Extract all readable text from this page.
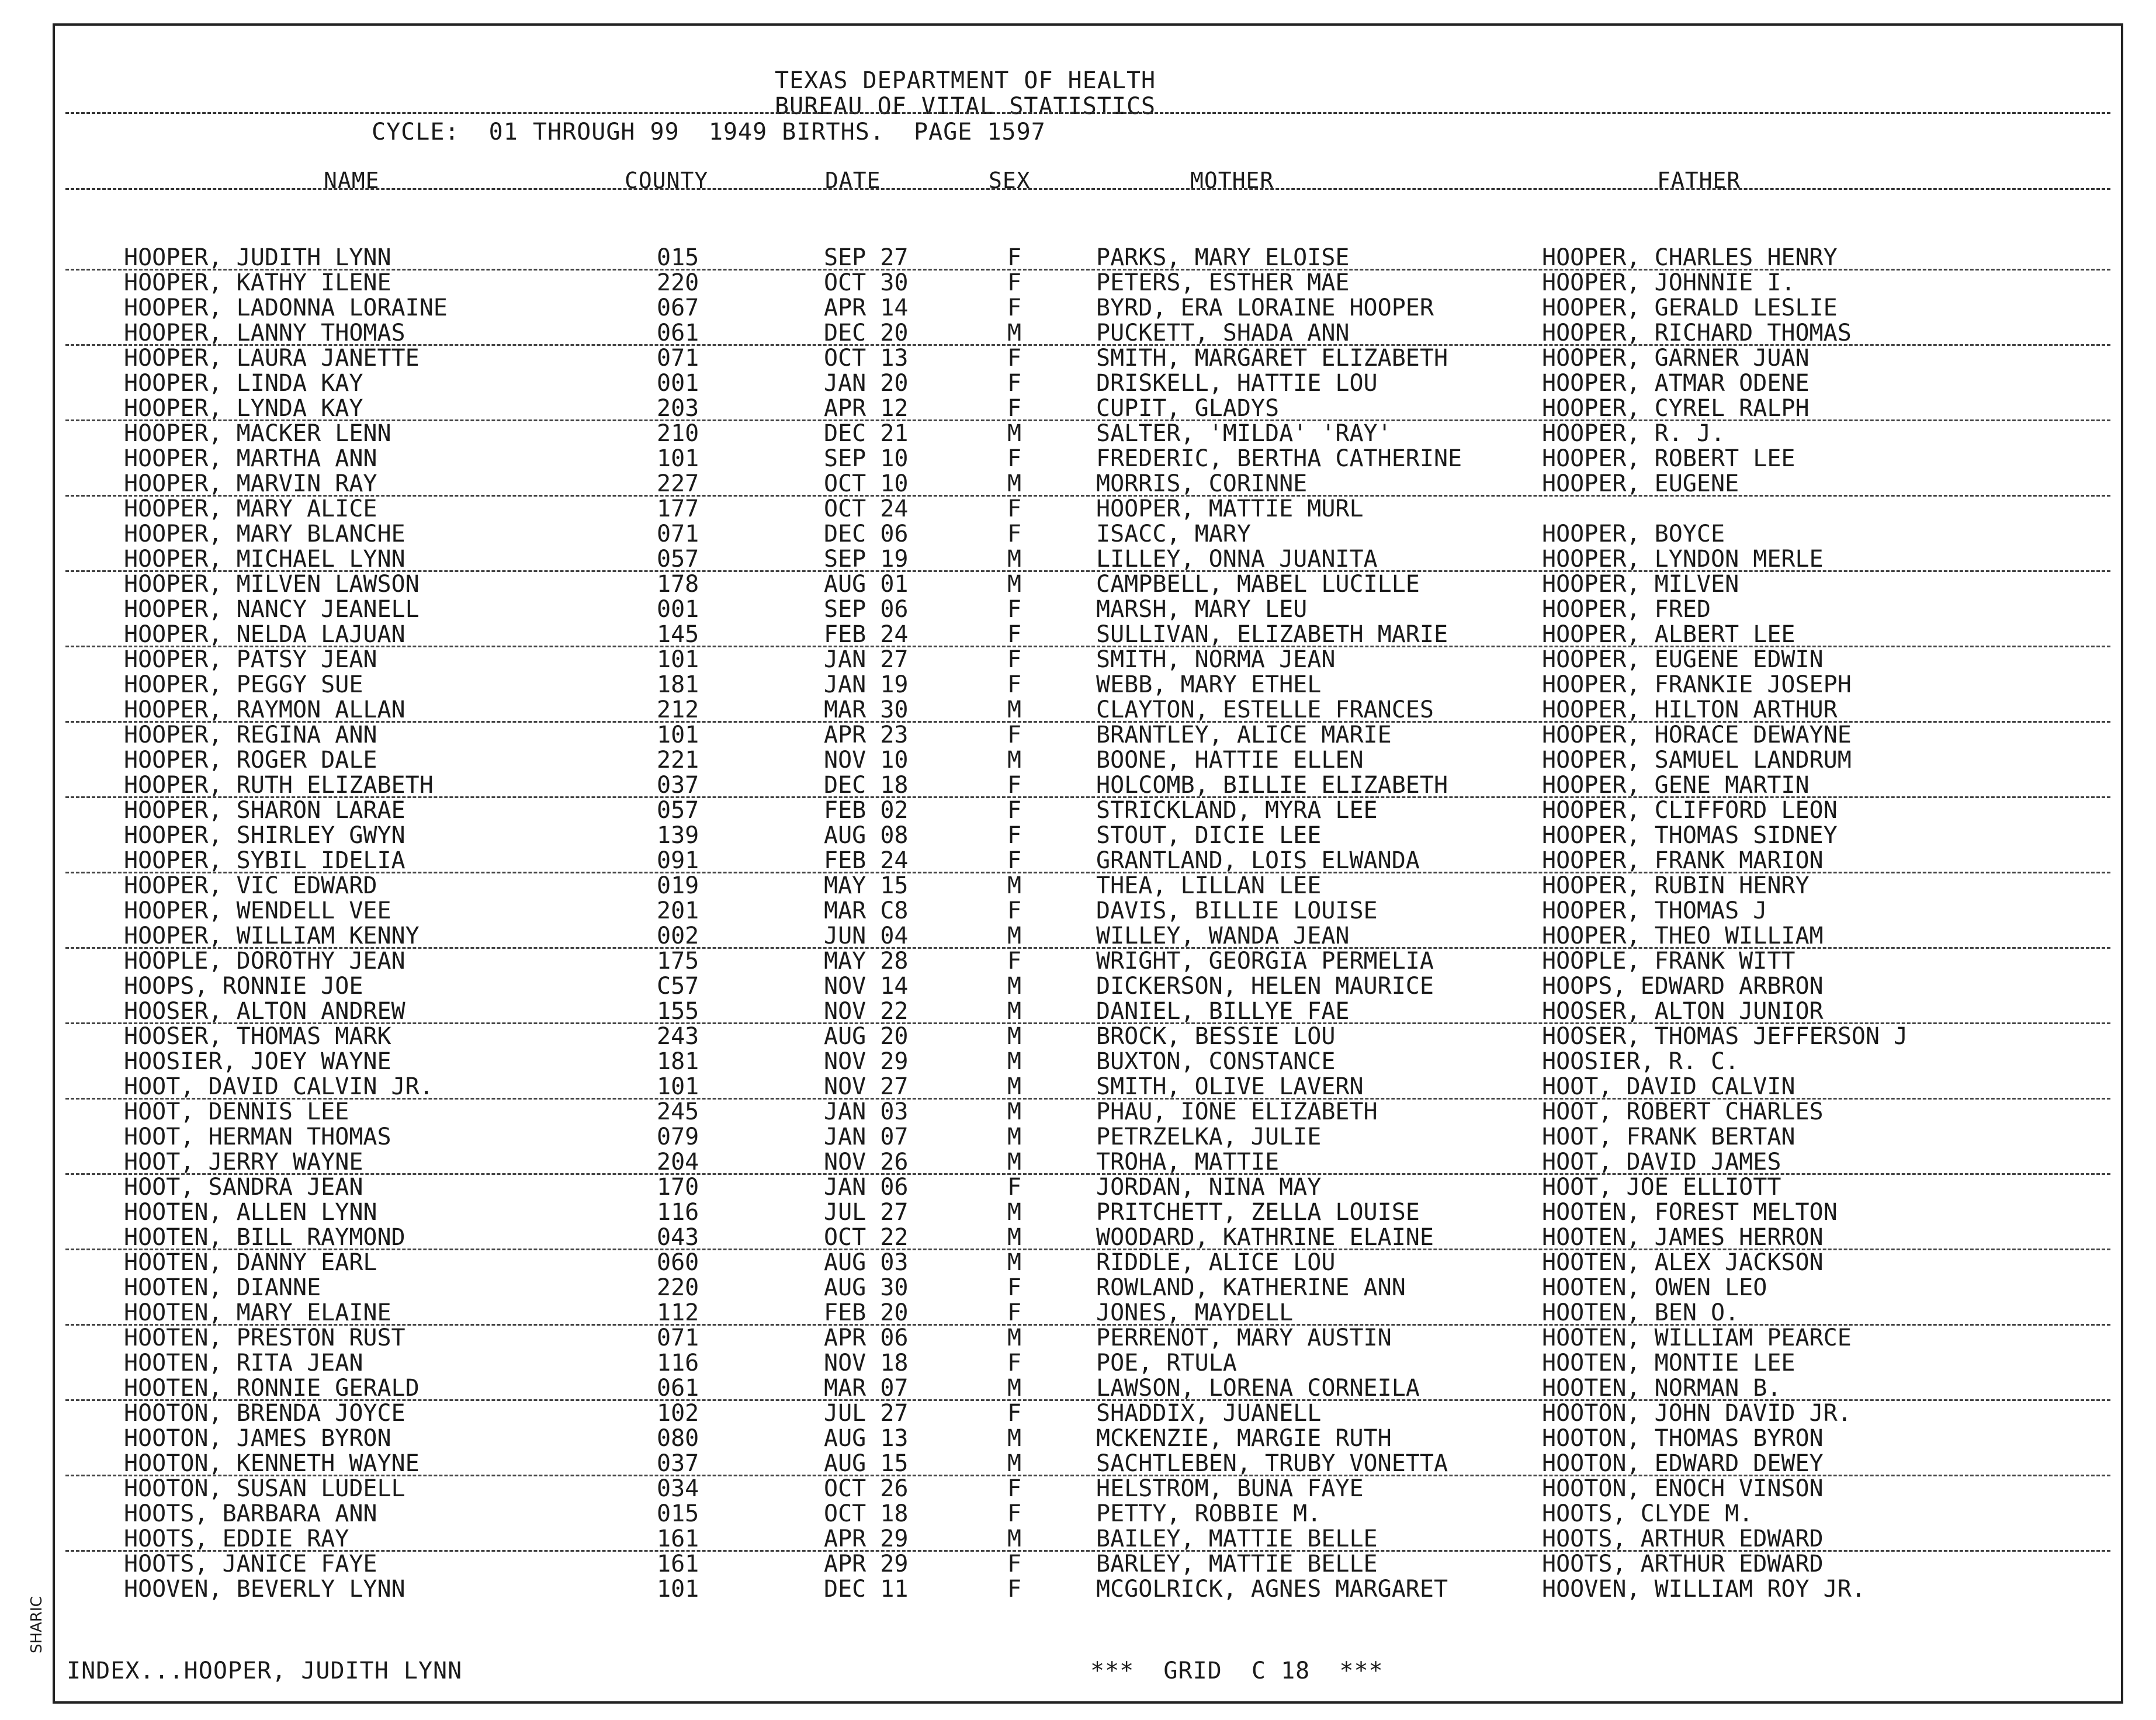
TEXAS DEPARTMENT OF HEALTH
BUREAU OF VITAL STATISTICS
CYCLE:  01 THROUGH 99  1949 BIRTHS.  PAGE 1597
NAME	COUNTY	DATE	SEX	MOTHER	FATHER
HOOPER, JUDITH LYNN	015	SEP 27	F	PARKS, MARY ELOISE	HOOPER, CHARLES HENRY
HOOPER, KATHY ILENE	220	OCT 30	F	PETERS, ESTHER MAE	HOOPER, JOHNNIE I.
HOOPER, LADONNA LORAINE	067	APR 14	F	BYRD, ERA LORAINE HOOPER	HOOPER, GERALD LESLIE
HOOPER, LANNY THOMAS	061	DEC 20	M	PUCKETT, SHADA ANN	HOOPER, RICHARD THOMAS
HOOPER, LAURA JANETTE	071	OCT 13	F	SMITH, MARGARET ELIZABETH	HOOPER, GARNER JUAN
HOOPER, LINDA KAY	001	JAN 20	F	DRISKELL, HATTIE LOU	HOOPER, ATMAR ODENE
HOOPER, LYNDA KAY	203	APR 12	F	CUPIT, GLADYS	HOOPER, CYREL RALPH
HOOPER, MACKER LENN	210	DEC 21	M	SALTER, 'MILDA' 'RAY'	HOOPER, R. J.
HOOPER, MARTHA ANN	101	SEP 10	F	FREDERIC, BERTHA CATHERINE	HOOPER, ROBERT LEE
HOOPER, MARVIN RAY	227	OCT 10	M	MORRIS, CORINNE	HOOPER, EUGENE
HOOPER, MARY ALICE	177	OCT 24	F	HOOPER, MATTIE MURL
HOOPER, MARY BLANCHE	071	DEC 06	F	ISACC, MARY	HOOPER, BOYCE
HOOPER, MICHAEL LYNN	057	SEP 19	M	LILLEY, ONNA JUANITA	HOOPER, LYNDON MERLE
HOOPER, MILVEN LAWSON	178	AUG 01	M	CAMPBELL, MABEL LUCILLE	HOOPER, MILVEN
HOOPER, NANCY JEANELL	001	SEP 06	F	MARSH, MARY LEU	HOOPER, FRED
HOOPER, NELDA LAJUAN	145	FEB 24	F	SULLIVAN, ELIZABETH MARIE	HOOPER, ALBERT LEE
HOOPER, PATSY JEAN	101	JAN 27	F	SMITH, NORMA JEAN	HOOPER, EUGENE EDWIN
HOOPER, PEGGY SUE	181	JAN 19	F	WEBB, MARY ETHEL	HOOPER, FRANKIE JOSEPH
HOOPER, RAYMON ALLAN	212	MAR 30	M	CLAYTON, ESTELLE FRANCES	HOOPER, HILTON ARTHUR
HOOPER, REGINA ANN	101	APR 23	F	BRANTLEY, ALICE MARIE	HOOPER, HORACE DEWAYNE
HOOPER, ROGER DALE	221	NOV 10	M	BOONE, HATTIE ELLEN	HOOPER, SAMUEL LANDRUM
HOOPER, RUTH ELIZABETH	037	DEC 18	F	HOLCOMB, BILLIE ELIZABETH	HOOPER, GENE MARTIN
HOOPER, SHARON LARAE	057	FEB 02	F	STRICKLAND, MYRA LEE	HOOPER, CLIFFORD LEON
HOOPER, SHIRLEY GWYN	139	AUG 08	F	STOUT, DICIE LEE	HOOPER, THOMAS SIDNEY
HOOPER, SYBIL IDELIA	091	FEB 24	F	GRANTLAND, LOIS ELWANDA	HOOPER, FRANK MARION
HOOPER, VIC EDWARD	019	MAY 15	M	THEA, LILLAN LEE	HOOPER, RUBIN HENRY
HOOPER, WENDELL VEE	201	MAR C8	F	DAVIS, BILLIE LOUISE	HOOPER, THOMAS J
HOOPER, WILLIAM KENNY	002	JUN 04	M	WILLEY, WANDA JEAN	HOOPER, THEO WILLIAM
HOOPLE, DOROTHY JEAN	175	MAY 28	F	WRIGHT, GEORGIA PERMELIA	HOOPLE, FRANK WITT
HOOPS, RONNIE JOE	C57	NOV 14	M	DICKERSON, HELEN MAURICE	HOOPS, EDWARD ARBRON
HOOSER, ALTON ANDREW	155	NOV 22	M	DANIEL, BILLYE FAE	HOOSER, ALTON JUNIOR
HOOSER, THOMAS MARK	243	AUG 20	M	BROCK, BESSIE LOU	HOOSER, THOMAS JEFFERSON J
HOOSIER, JOEY WAYNE	181	NOV 29	M	BUXTON, CONSTANCE	HOOSIER, R. C.
HOOT, DAVID CALVIN JR.	101	NOV 27	M	SMITH, OLIVE LAVERN	HOOT, DAVID CALVIN
HOOT, DENNIS LEE	245	JAN 03	M	PHAU, IONE ELIZABETH	HOOT, ROBERT CHARLES
HOOT, HERMAN THOMAS	079	JAN 07	M	PETRZELKA, JULIE	HOOT, FRANK BERTAN
HOOT, JERRY WAYNE	204	NOV 26	M	TROHA, MATTIE	HOOT, DAVID JAMES
HOOT, SANDRA JEAN	170	JAN 06	F	JORDAN, NINA MAY	HOOT, JOE ELLIOTT
HOOTEN, ALLEN LYNN	116	JUL 27	M	PRITCHETT, ZELLA LOUISE	HOOTEN, FOREST MELTON
HOOTEN, BILL RAYMOND	043	OCT 22	M	WOODARD, KATHRINE ELAINE	HOOTEN, JAMES HERRON
HOOTEN, DANNY EARL	060	AUG 03	M	RIDDLE, ALICE LOU	HOOTEN, ALEX JACKSON
HOOTEN, DIANNE	220	AUG 30	F	ROWLAND, KATHERINE ANN	HOOTEN, OWEN LEO
HOOTEN, MARY ELAINE	112	FEB 20	F	JONES, MAYDELL	HOOTEN, BEN O.
HOOTEN, PRESTON RUST	071	APR 06	M	PERRENOT, MARY AUSTIN	HOOTEN, WILLIAM PEARCE
HOOTEN, RITA JEAN	116	NOV 18	F	POE, RTULA	HOOTEN, MONTIE LEE
HOOTEN, RONNIE GERALD	061	MAR 07	M	LAWSON, LORENA CORNEILA	HOOTEN, NORMAN B.
HOOTON, BRENDA JOYCE	102	JUL 27	F	SHADDIX, JUANELL	HOOTON, JOHN DAVID JR.
HOOTON, JAMES BYRON	080	AUG 13	M	MCKENZIE, MARGIE RUTH	HOOTON, THOMAS BYRON
HOOTON, KENNETH WAYNE	037	AUG 15	M	SACHTLEBEN, TRUBY VONETTA	HOOTON, EDWARD DEWEY
HOOTON, SUSAN LUDELL	034	OCT 26	F	HELSTROM, BUNA FAYE	HOOTON, ENOCH VINSON
HOOTS, BARBARA ANN	015	OCT 18	F	PETTY, ROBBIE M.	HOOTS, CLYDE M.
HOOTS, EDDIE RAY	161	APR 29	M	BAILEY, MATTIE BELLE	HOOTS, ARTHUR EDWARD
HOOTS, JANICE FAYE	161	APR 29	F	BARLEY, MATTIE BELLE	HOOTS, ARTHUR EDWARD
HOOVEN, BEVERLY LYNN	101	DEC 11	F	MCGOLRICK, AGNES MARGARET	HOOVEN, WILLIAM ROY JR.
INDEX...HOOPER, JUDITH LYNN	***  GRID  C 18  ***
SHARIC
